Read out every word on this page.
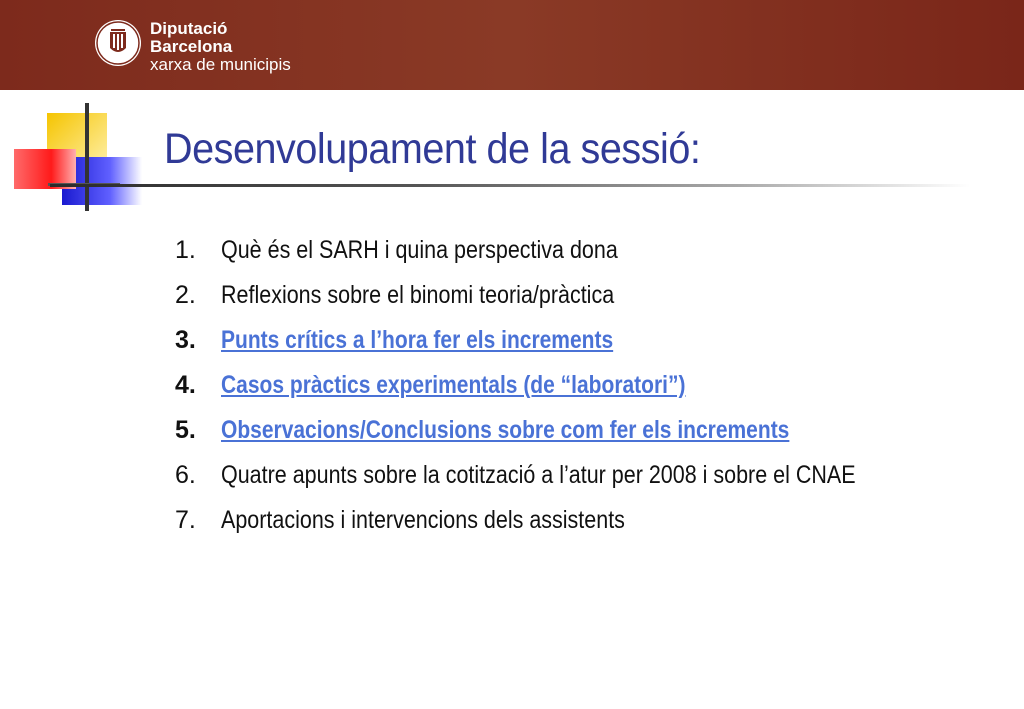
Diputació
Barcelona
xarxa de municipis
Desenvolupament de la sessió:
1.	Què és el SARH i quina perspectiva dona
2.	Reflexions sobre el binomi teoria/pràctica
3.	Punts crítics a l’hora fer els increments
4.	Casos pràctics experimentals (de “laboratori”)
5.	Observacions/Conclusions sobre com fer els increments
6.	Quatre apunts sobre la cotització a l’atur per 2008 i sobre el CNAE
7.	Aportacions i intervencions dels assistents
